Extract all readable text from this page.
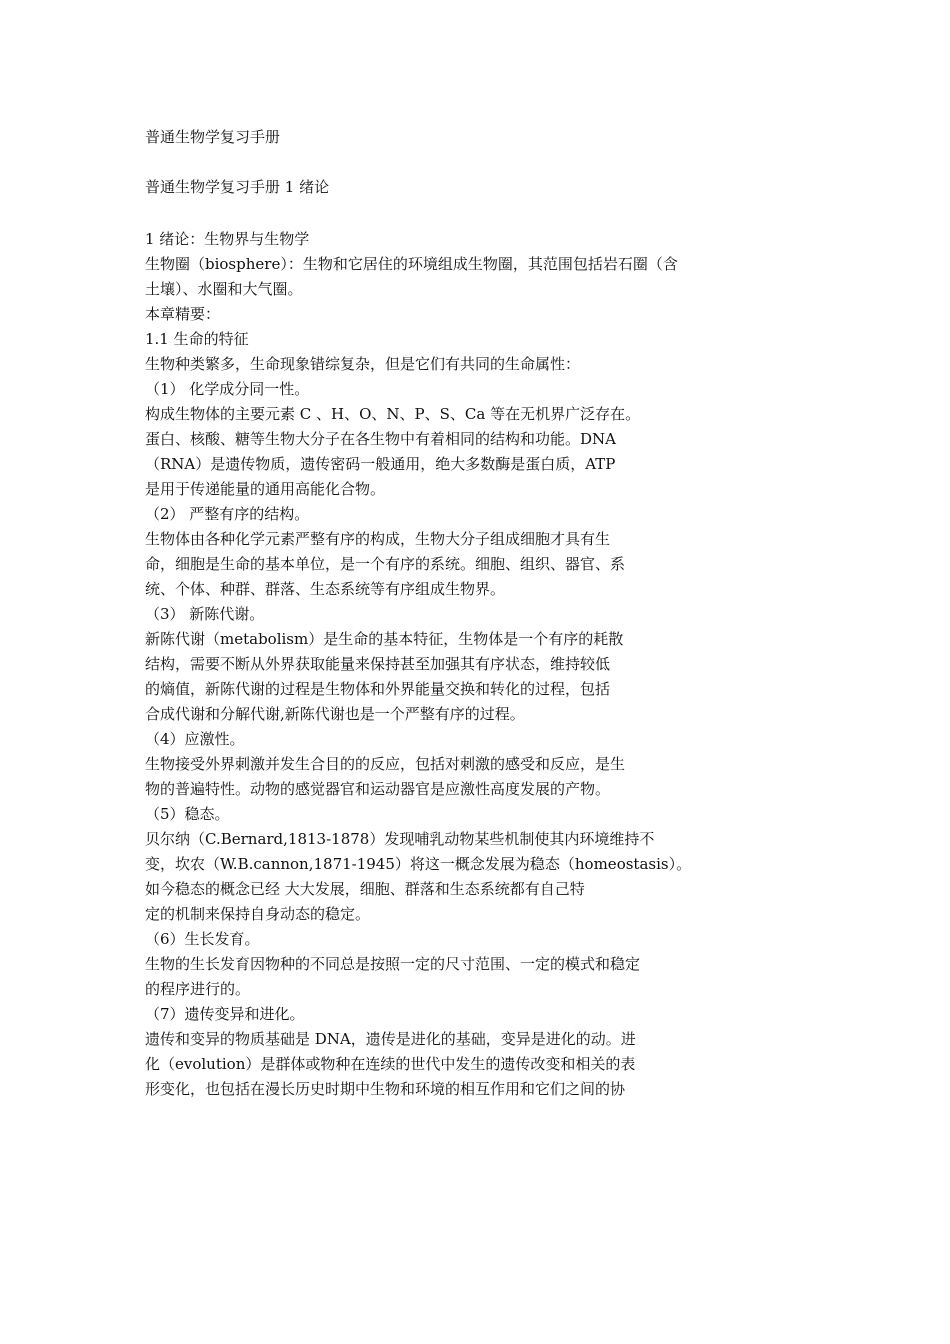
普通生物学复习手册
普通生物学复习手册 1 绪论
1 绪论：生物界与生物学
生物圈（biosphere）：生物和它居住的环境组成生物圈，其范围包括岩石圈（含
土壤）、水圈和大气圈。
本章精要：
1.1 生命的特征
生物种类繁多，生命现象错综复杂，但是它们有共同的生命属性：
（1） 化学成分同一性。
构成生物体的主要元素 C 、H、O、N、P、S、Ca 等在无机界广泛存在。
蛋白、核酸、糖等生物大分子在各生物中有着相同的结构和功能。DNA
（RNA）是遗传物质，遗传密码一般通用，绝大多数酶是蛋白质，ATP
是用于传递能量的通用高能化合物。
（2） 严整有序的结构。
生物体由各种化学元素严整有序的构成，生物大分子组成细胞才具有生
命，细胞是生命的基本单位，是一个有序的系统。细胞、组织、器官、系
统、个体、种群、群落、生态系统等有序组成生物界。
（3） 新陈代谢。
新陈代谢（metabolism）是生命的基本特征，生物体是一个有序的耗散
结构，需要不断从外界获取能量来保持甚至加强其有序状态，维持较低
的熵值，新陈代谢的过程是生物体和外界能量交换和转化的过程，包括
合成代谢和分解代谢,新陈代谢也是一个严整有序的过程。
（4）应激性。
生物接受外界刺激并发生合目的的反应，包括对刺激的感受和反应，是生
物的普遍特性。动物的感觉器官和运动器官是应激性高度发展的产物。
（5）稳态。
贝尔纳（C.Bernard,1813-1878）发现哺乳动物某些机制使其内环境维持不
变，坎农（W.B.cannon,1871-1945）将这一概念发展为稳态（homeostasis）。
如今稳态的概念已经 大大发展，细胞、群落和生态系统都有自己特
定的机制来保持自身动态的稳定。
（6）生长发育。
生物的生长发育因物种的不同总是按照一定的尺寸范围、一定的模式和稳定
的程序进行的。
（7）遗传变异和进化。
遗传和变异的物质基础是 DNA，遗传是进化的基础，变异是进化的动。进
化（evolution）是群体或物种在连续的世代中发生的遗传改变和相关的表
形变化，也包括在漫长历史时期中生物和环境的相互作用和它们之间的协
